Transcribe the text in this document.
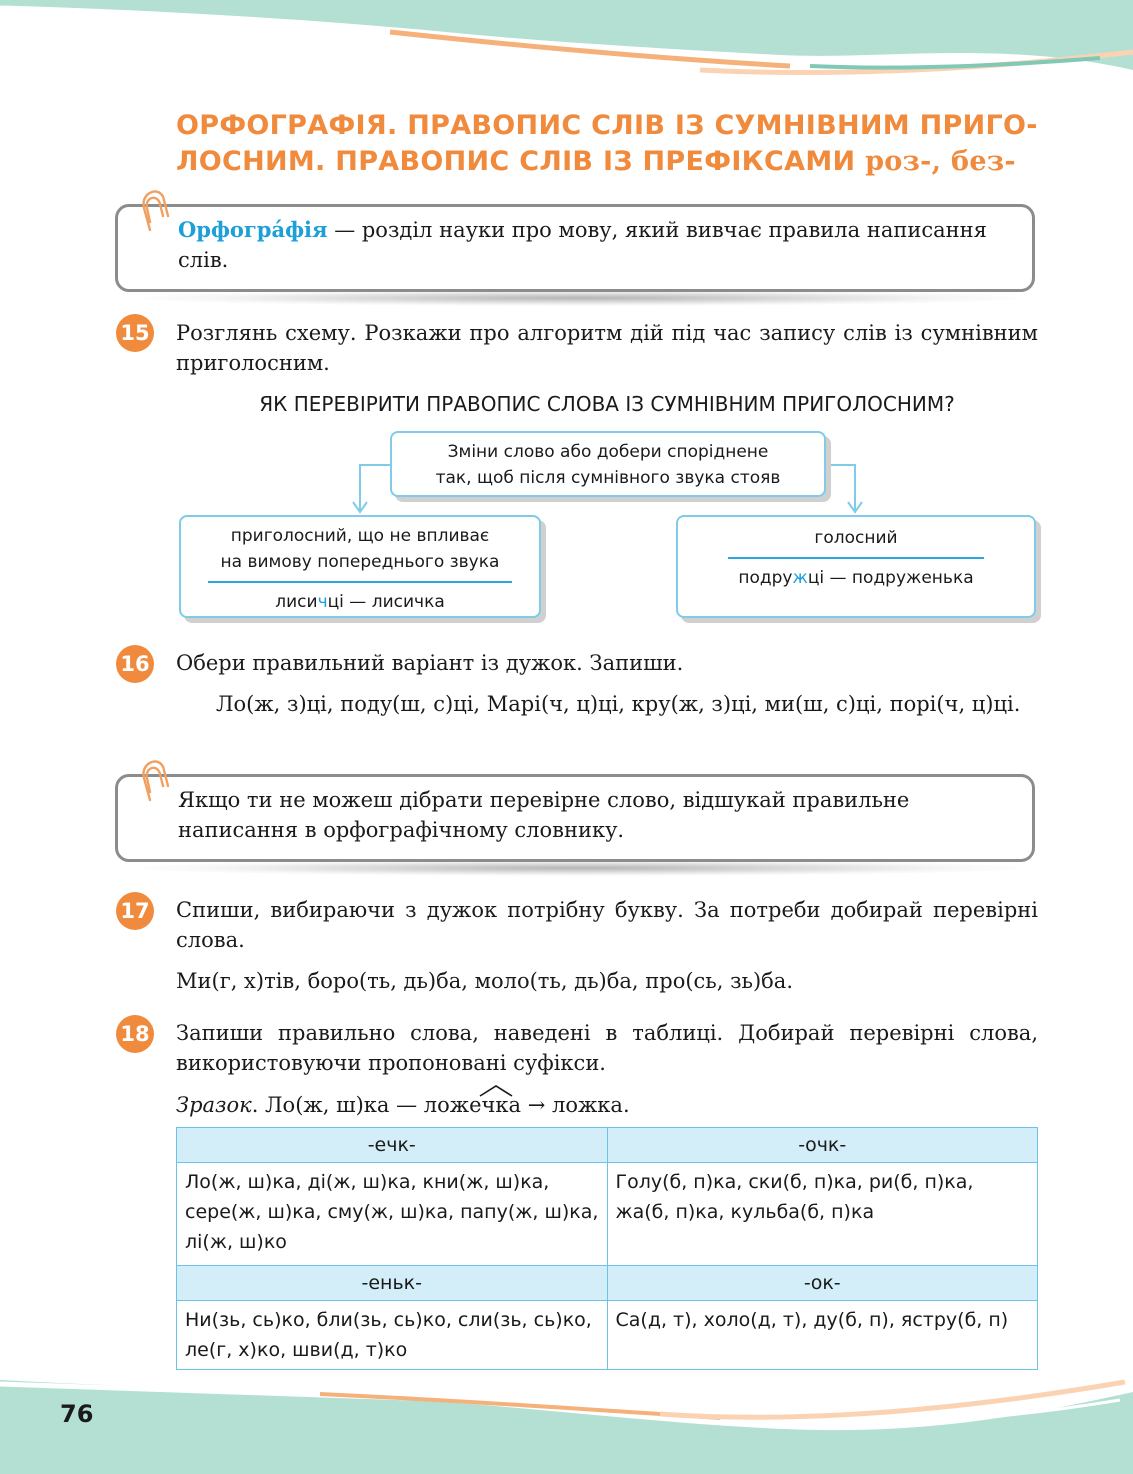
ОРФОГРАФІЯ. ПРАВОПИС СЛІВ ІЗ СУМНІВНИМ ПРИГО-
ЛОСНИМ. ПРАВОПИС СЛІВ ІЗ ПРЕФІКСАМИ роз-, без-
Орфогра́фія — розділ науки про мову, який вивчає правила написання слів.
15 Розглянь схему. Розкажи про алгоритм дій під час запису слів із сумнівним приголосним.
ЯК ПЕРЕВІРИТИ ПРАВОПИС СЛОВА ІЗ СУМНІВНИМ ПРИГОЛОСНИМ?
Зміни слово або добери споріднене
так, щоб після сумнівного звука стояв
приголосний, що не впливає
на вимову попереднього звука
лисичці — лисичка
голосний
подружці — подруженька
16 Обери правильний варіант із дужок. Запиши.
Ло(ж, з)ці, поду(ш, с)ці, Марі(ч, ц)ці, кру(ж, з)ці, ми(ш, с)ці, порі(ч, ц)ці.
Якщо ти не можеш дібрати перевірне слово, відшукай правильне написання в орфографічному словнику.
17 Спиши, вибираючи з дужок потрібну букву. За потреби добирай перевірні слова.
Ми(г, х)тів, боро(ть, дь)ба, моло(ть, дь)ба, про(сь, зь)ба.
18 Запиши правильно слова, наведені в таблиці. Добирай перевірні слова, використовуючи пропоновані суфікси.
Зразок. Ло(ж, ш)ка — ложе
чка → ложка.
-ечк-	-очк-
Ло(ж, ш)ка, ді(ж, ш)ка, кни(ж, ш)ка, сере(ж, ш)ка, сму(ж, ш)ка, папу(ж, ш)ка, лі(ж, ш)ко	Голу(б, п)ка, ски(б, п)ка, ри(б, п)ка, жа(б, п)ка, кульба(б, п)ка
-еньк-	-ок-
Ни(зь, сь)ко, бли(зь, сь)ко, сли(зь, сь)ко, ле(г, х)ко, шви(д, т)ко	Са(д, т), холо(д, т), ду(б, п), ястру(б, п)
76
